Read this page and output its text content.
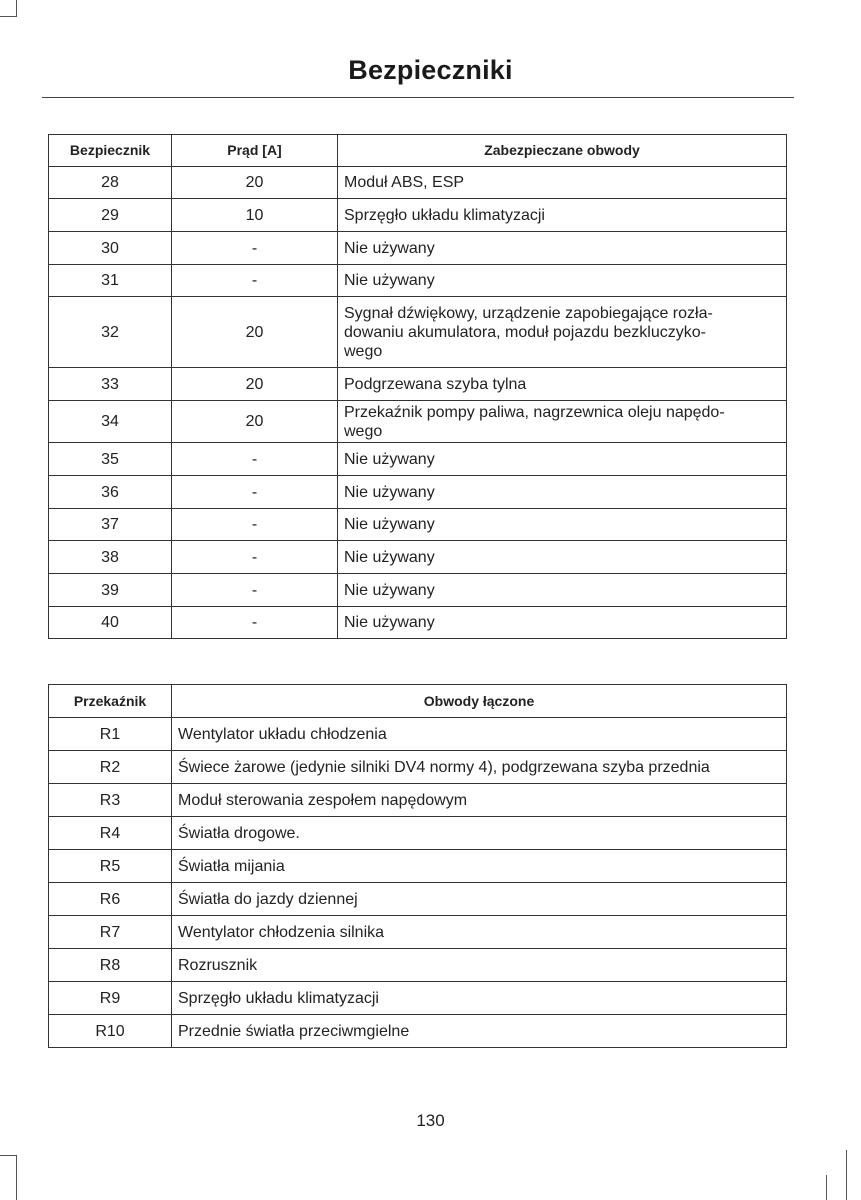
Bezpieczniki
Bezpiecznik	Prąd [A]	Zabezpieczane obwody
28	20	Moduł ABS, ESP
29	10	Sprzęgło układu klimatyzacji
30	-	Nie używany
31	-	Nie używany
32	20	Sygnał dźwiękowy, urządzenie zapobiegające rozła-
dowaniu akumulatora, moduł pojazdu bezkluczyko-
wego
33	20	Podgrzewana szyba tylna
34	20	Przekaźnik pompy paliwa, nagrzewnica oleju napędo-
wego
35	-	Nie używany
36	-	Nie używany
37	-	Nie używany
38	-	Nie używany
39	-	Nie używany
40	-	Nie używany
Przekaźnik	Obwody łączone
R1	Wentylator układu chłodzenia
R2	Świece żarowe (jedynie silniki DV4 normy 4), podgrzewana szyba przednia
R3	Moduł sterowania zespołem napędowym
R4	Światła drogowe.
R5	Światła mijania
R6	Światła do jazdy dziennej
R7	Wentylator chłodzenia silnika
R8	Rozrusznik
R9	Sprzęgło układu klimatyzacji
R10	Przednie światła przeciwmgielne
130
